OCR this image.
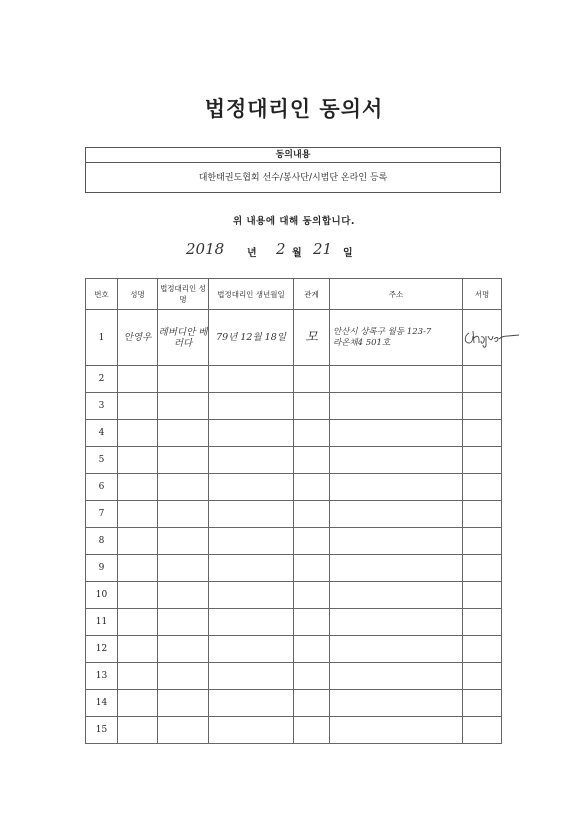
법정대리인 동의서
동의내용
대한태권도협회 선수/봉사단/시범단 온라인 등록
위 내용에 대해 동의합니다.
2018 년 2 월 21 일
번호	성명	법정대리인 성명	법정대리인 생년월일	관계	주소	서명
1	안영우	레버디안 베러다	79년 12월 18일	모	안산시 상록구 월동 123-7
라온채4 501호	

2						
3						
4						
5						
6						
7						
8						
9						
10						
11						
12						
13						
14						
15						
